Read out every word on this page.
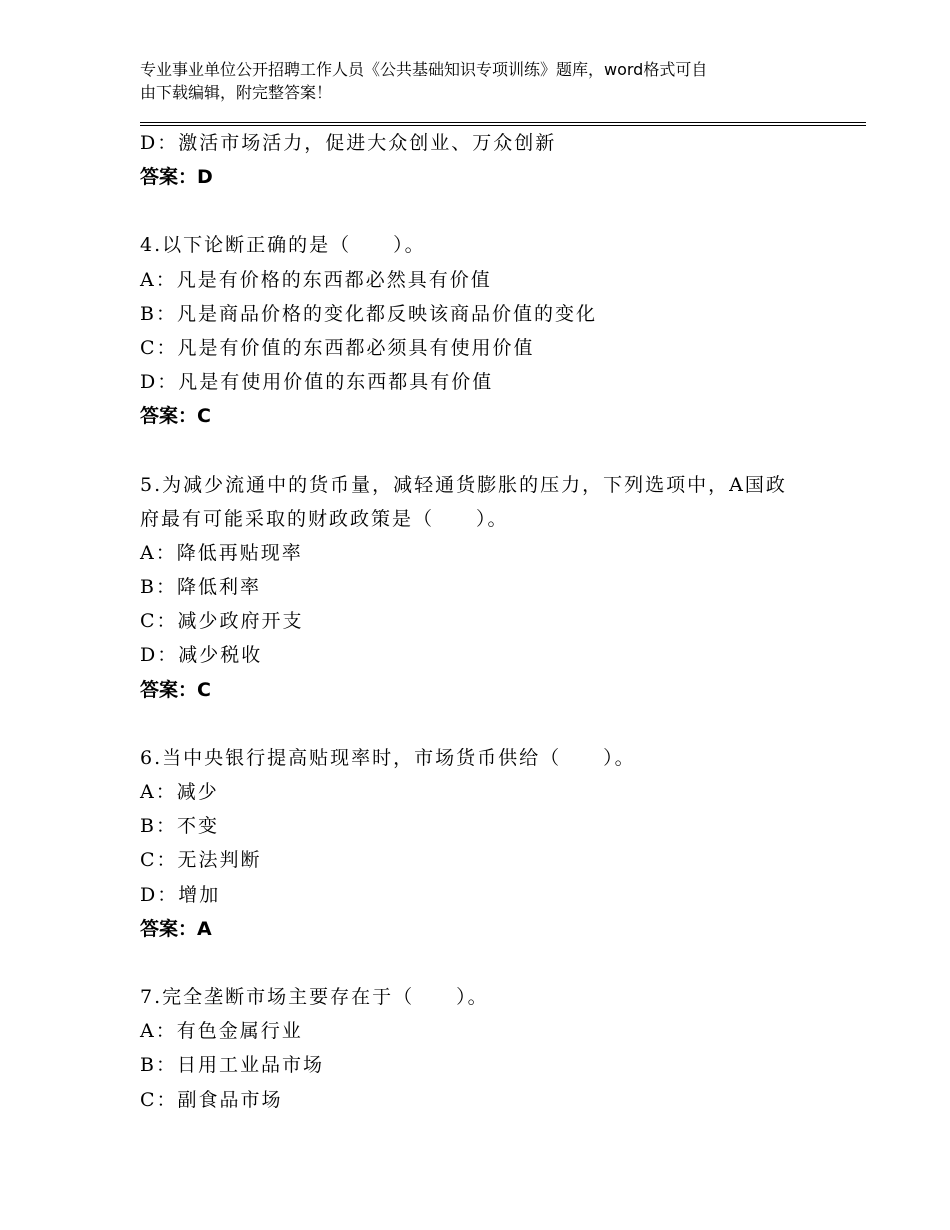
专业事业单位公开招聘工作人员《公共基础知识专项训练》题库，word格式可自
由下载编辑，附完整答案！
D：激活市场活力，促进大众创业、万众创新
答案：D
4.以下论断正确的是（　　）。
A：凡是有价格的东西都必然具有价值
B：凡是商品价格的变化都反映该商品价值的变化
C：凡是有价值的东西都必须具有使用价值
D：凡是有使用价值的东西都具有价值
答案：C
5.为减少流通中的货币量，减轻通货膨胀的压力，下列选项中，A国政
府最有可能采取的财政政策是（　　）。
A：降低再贴现率
B：降低利率
C：减少政府开支
D：减少税收
答案：C
6.当中央银行提高贴现率时，市场货币供给（　　）。
A：减少
B：不变
C：无法判断
D：增加
答案：A
7.完全垄断市场主要存在于（　　）。
A：有色金属行业
B：日用工业品市场
C：副食品市场
